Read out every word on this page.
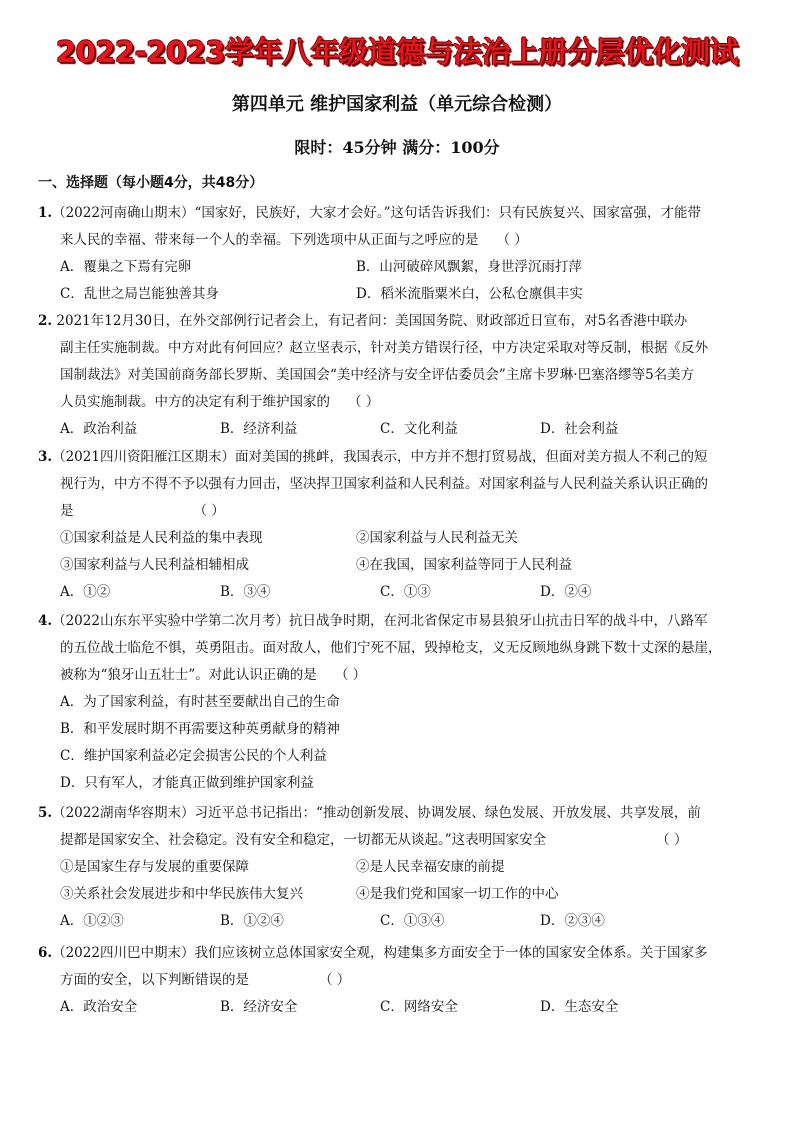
2022-2023学年八年级道德与法治上册分层优化测试
第四单元 维护国家利益（单元综合检测）
限时：45分钟 满分：100分
一、选择题（每小题4分，共48分）
1.（2022河南确山期末）“国家好，民族好，大家才会好。”这句话告诉我们：只有民族复兴、国家富强，才能带
来人民的幸福、带来每一个人的幸福。下列选项中从正面与之呼应的是 （ ）
A．覆巢之下焉有完卵	B．山河破碎风飘絮，身世浮沉雨打萍
C．乱世之局岂能独善其身	D．稻米流脂粟米白，公私仓廪俱丰实
2. 2021年12月30日，在外交部例行记者会上，有记者问：美国国务院、财政部近日宣布，对5名香港中联办
副主任实施制裁。中方对此有何回应？赵立坚表示，针对美方错误行径，中方决定采取对等反制，根据《反外
国制裁法》对美国前商务部长罗斯、美国国会“美中经济与安全评估委员会”主席卡罗琳·巴塞洛缪等5名美方
人员实施制裁。中方的决定有利于维护国家的 （ ）
A．政治利益	B．经济利益	C．文化利益	D．社会利益
3.（2021四川资阳雁江区期末）面对美国的挑衅，我国表示，中方并不想打贸易战，但面对美方损人不利己的短
视行为，中方不得不予以强有力回击，坚决捍卫国家利益和人民利益。对国家利益与人民利益关系认识正确的
是	（ ）
①国家利益是人民利益的集中表现	②国家利益与人民利益无关
③国家利益与人民利益相辅相成	④在我国，国家利益等同于人民利益
A．①②	B．③④	C．①③	D．②④
4.（2022山东东平实验中学第二次月考）抗日战争时期，在河北省保定市易县狼牙山抗击日军的战斗中，八路军
的五位战士临危不惧，英勇阻击。面对敌人，他们宁死不屈，毁掉枪支，义无反顾地纵身跳下数十丈深的悬崖，
被称为“狼牙山五壮士”。对此认识正确的是 （ ）
A．为了国家利益，有时甚至要献出自己的生命
B．和平发展时期不再需要这种英勇献身的精神
C．维护国家利益必定会损害公民的个人利益
D．只有军人，才能真正做到维护国家利益
5.（2022湖南华容期末）习近平总书记指出：“推动创新发展、协调发展、绿色发展、开放发展、共享发展，前
提都是国家安全、社会稳定。没有安全和稳定，一切都无从谈起。”这表明国家安全	（ ）
①是国家生存与发展的重要保障	②是人民幸福安康的前提
③关系社会发展进步和中华民族伟大复兴	④是我们党和国家一切工作的中心
A．①②③	B．①②④	C．①③④	D．②③④
6.（2022四川巴中期末）我们应该树立总体国家安全观，构建集多方面安全于一体的国家安全体系。关于国家多
方面的安全，以下判断错误的是	（ ）
A．政治安全	B．经济安全	C．网络安全	D．生态安全
